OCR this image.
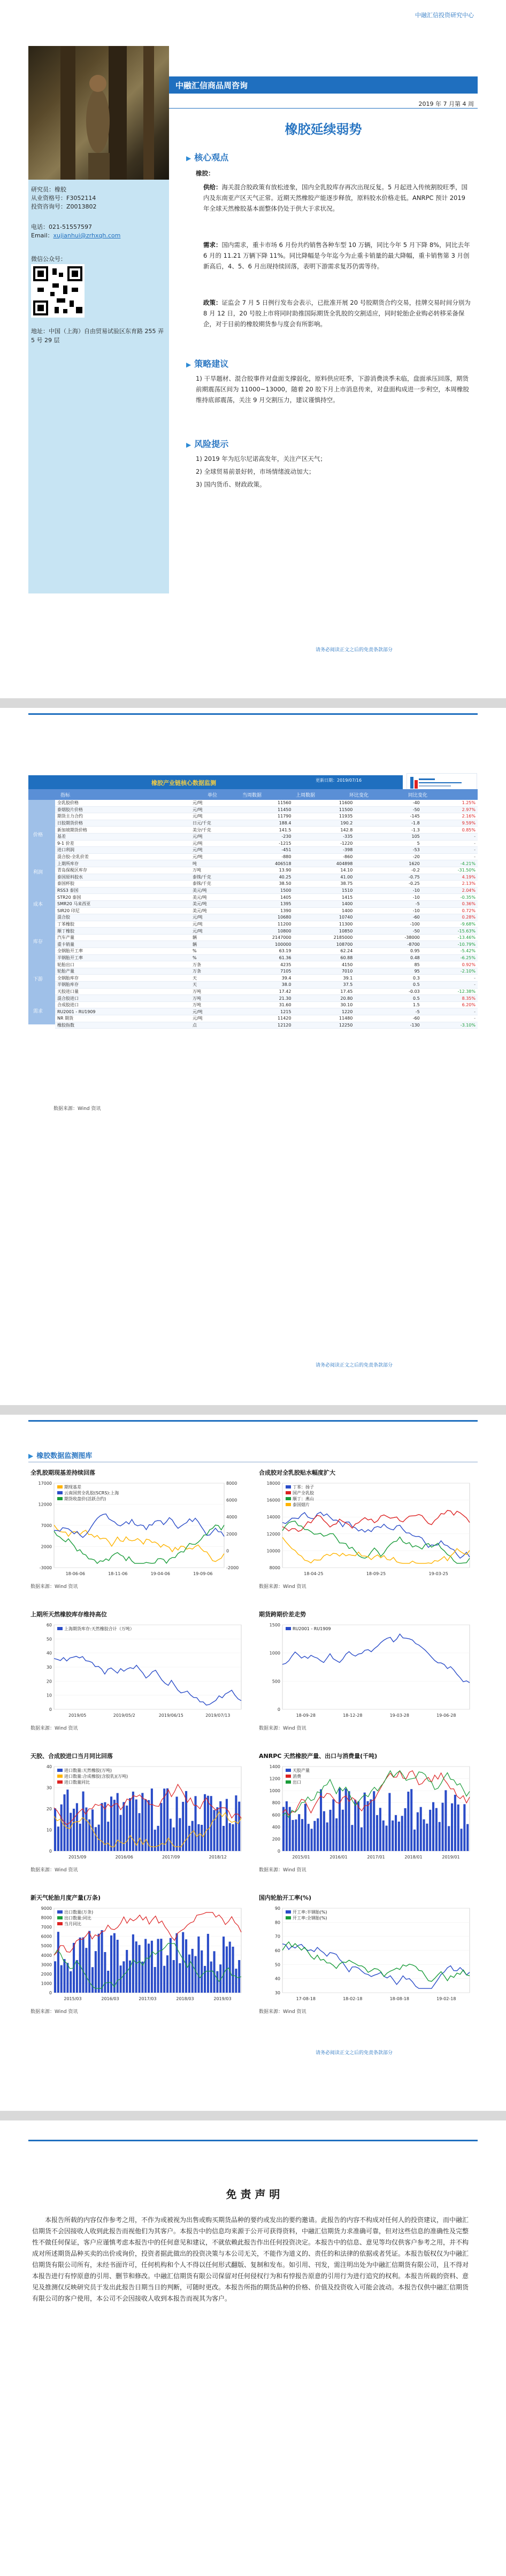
中融汇信投资研究中心
研究员：橡胶
从业资格号：F3052114
投资咨询号：Z0013802
电话：021-51557597
Email：xujianhui@zrhxqh.com
微信公众号：
地址：中国（上海）自由贸易试验区东育路 255 弄 5 号 29 层
中融汇信商品周咨询
2019 年 7 月第 4 周
橡胶延续弱势
▶ 核心观点
橡胶：
供给：海关混合胶政策有放松迹象，国内全乳胶库存再次出现反复。5 月起进入传统割胶旺季，国内及东南亚产区天气正常。近期天然橡胶产能逐步释放，原料胶水价格走低。ANRPC 预计 2019 年全球天然橡胶基本面整体仍处于供大于求状况。
需求：国内需求，重卡市场 6 月份共约销售各种车型 10 万辆，同比今年 5 月下降 8%，同比去年 6 月的 11.21 万辆下降 11%。同比降幅是今年迄今为止重卡销量的最大降幅，重卡销售第 3 月创新高后，4、5、6 月出现持续回落，表明下游需求复苏仍需等待。
政策：证监会 7 月 5 日例行发布会表示，已批准开展 20 号胶期货合约交易，挂牌交易时间分别为 8 月 12 日，20 号胶上市将同时助推国际期货全乳胶的交割适应，同时轮胎企业购必转移采备保企，对于目前的橡胶期货参与度会有所影响。
▶ 策略建议
1) 干旱题材、混合胶事件对盘面支撑弱化，原料供应旺季，下游消费淡季未临，盘面承压回落，期货前期震荡区间为 11000~13000，随着 20 胶下月上市消息传来，对盘面构成进一步利空，本周橡胶维持底部震荡，关注 9 月交割压力，建议谨慎持空。
▶ 风险提示
1) 2019 年为厄尔尼诺高发年，关注产区天气；
2) 全球贸易前景好转，市场情绪波动加大；
3) 国内货币、财政政策。
请务必阅读正文之后的免责条款部分
橡胶产业链核心数据监测	更新日期：2019/07/16
指标	单位	当周数据	上周数据	环比变化	同比变化
价格
利润
成本
库存
下游
需求
全乳胶价格	元/吨	11560	11600	-40	1.25%
泰烟胶片价格	元/吨	11450	11500	-50	2.97%
期货主力合约	元/吨	11790	11935	-145	2.16%
日胶期货价格	日元/千克	188.4	190.2	-1.8	9.59%
新加坡期货价格	美分/千克	141.5	142.8	-1.3	0.85%
基差	元/吨	-230	-335	105	-
9-1 价差	元/吨	-1215	-1220	5	-
进口利润	元/吨	-451	-398	-53	-
混合胶-全乳价差	元/吨	-880	-860	-20	-
上期所库存	吨	406518	404898	1620	-4.21%
青岛保税区库存	万吨	13.90	14.10	-0.2	-31.50%
泰国原料胶水	泰铢/千克	40.25	41.00	-0.75	4.19%
泰国杯胶	泰铢/千克	38.50	38.75	-0.25	2.13%
RSS3 泰国	美元/吨	1500	1510	-10	2.04%
STR20 泰国	美元/吨	1405	1415	-10	-0.35%
SMR20 马来西亚	美元/吨	1395	1400	-5	0.36%
SIR20 印尼	美元/吨	1390	1400	-10	0.72%
混合胶	元/吨	10680	10740	-60	0.28%
丁苯橡胶	元/吨	11200	11300	-100	-9.68%
顺丁橡胶	元/吨	10800	10850	-50	-15.63%
汽车产量	辆	2147000	2185000	-38000	-13.46%
重卡销量	辆	100000	108700	-8700	-10.79%
全钢胎开工率	%	63.19	62.24	0.95	-5.42%
半钢胎开工率	%	61.36	60.88	0.48	-6.25%
轮胎出口	万条	4235	4150	85	0.92%
轮胎产量	万条	7105	7010	95	-2.10%
全钢胎库存	天	39.4	39.1	0.3	-
半钢胎库存	天	38.0	37.5	0.5	-
天胶进口量	万吨	17.42	17.45	-0.03	-12.38%
混合胶进口	万吨	21.30	20.80	0.5	8.35%
合成胶进口	万吨	31.60	30.10	1.5	6.20%
RU2001 - RU1909	元/吨	1215	1220	-5	-
NR 期货	元/吨	11420	11480	-60	-
橡胶指数	点	12120	12250	-130	-3.10%
数据来源：Wind 资讯
请务必阅读正文之后的免责条款部分
▶ 橡胶数据监测图库
全乳胶期现基差持续回落
17000
12000
7000
2000
-3000
8000
6000
4000
2000
0
-2000
18-06-06	18-11-06	19-04-06	19-09-06
期现基差
云南国营全乳胶(SCRS):上海
期货收盘价(活跃合约)
数据来源：Wind 资讯
合成胶对全乳胶贴水幅度扩大
18000
16000
14000
12000
10000
8000
18-04-25	18-09-25	19-03-25
丁苯：扬子
国产全乳胶
顺丁：燕山
泰国烟片
数据来源：Wind 资讯
上期所天然橡胶库存维持高位
60
50
40
30
20
10
0
2019/05	2019/05/2	2019/06/15	2019/07/13
上海期货库存:天然橡胶合计（万吨）
数据来源：Wind 资讯
期货跨期价差走势
1500
1000
500
0
18-09-28	18-12-28	19-03-28	19-06-28
RU2001 - RU1909
数据来源：Wind 资讯
天胶、合成胶进口当月同比回落
40
30
20
10
0
2015/09	2016/06	2017/09	2018/12
进口数量:天然橡胶(万吨)
进口数量:合成橡胶(含胶乳)(万吨)
进口数量同比
数据来源：Wind 资讯
ANRPC 天然橡胶产量、出口与消费量(千吨)
1400
1200
1000
800
600
400
200
0
2015/01	2016/01	2017/01	2018/01	2019/01
天胶产量
消费
出口
数据来源：Wind 资讯
新天气轮胎月度产量(万条)
9000
8000
7000
6000
5000
4000
3000
2000
1000
0
2015/03	2016/03	2017/03	2018/03	2019/03
出口数量(万条)
出口数量:同比
当月同比
数据来源：Wind 资讯
国内轮胎开工率(%)
90
80
70
60
50
40
30
17-08-18	18-02-18	18-08-18	19-02-18
开工率:半钢胎(%)
开工率:全钢胎(%)
数据来源：Wind 资讯
请务必阅读正文之后的免责条款部分
免 责 声 明
本报告所载的内容仅作参考之用，不作为或被视为出售或购买期货品种的要约或发出的要约邀请。此报告的内容不构成对任何人的投资建议，而中融汇信期货不会因接收人收到此报告而视他们为其客户。本报告中的信息均来源于公开可获得资料，中融汇信期货力求准确可靠，但对这些信息的准确性及完整性不做任何保证，客户应谨慎考虑本报告中的任何意见和建议，不就依赖此报告作出任何投资决定。本报告中的信息、意见等均仅供客户参考之用，并不构成对所述期货品种买卖的出价或询价，投资者据此做出的投资决策与本公司无关，不能作为道义的、责任的和法律的依据或者凭证。本报告版权仅为中融汇信期货有限公司所有，未经书面许可，任何机构和个人不得以任何形式翻版、复制和发布。如引用、刊发，需注明出处为中融汇信期货有限公司，且不得对本报告进行有悖原意的引用、删节和修改。中融汇信期货有限公司保留对任何侵权行为和有悖报告原意的引用行为进行追究的权利。本报告所载的资料、意见及推测仅反映研究员于发出此报告日期当日的判断，可随时更改。本报告所指的期货品种的价格、价值及投资收入可能会波动。本报告仅供中融汇信期货有限公司的客户使用，本公司不会因接收人收到本报告而视其为客户。
